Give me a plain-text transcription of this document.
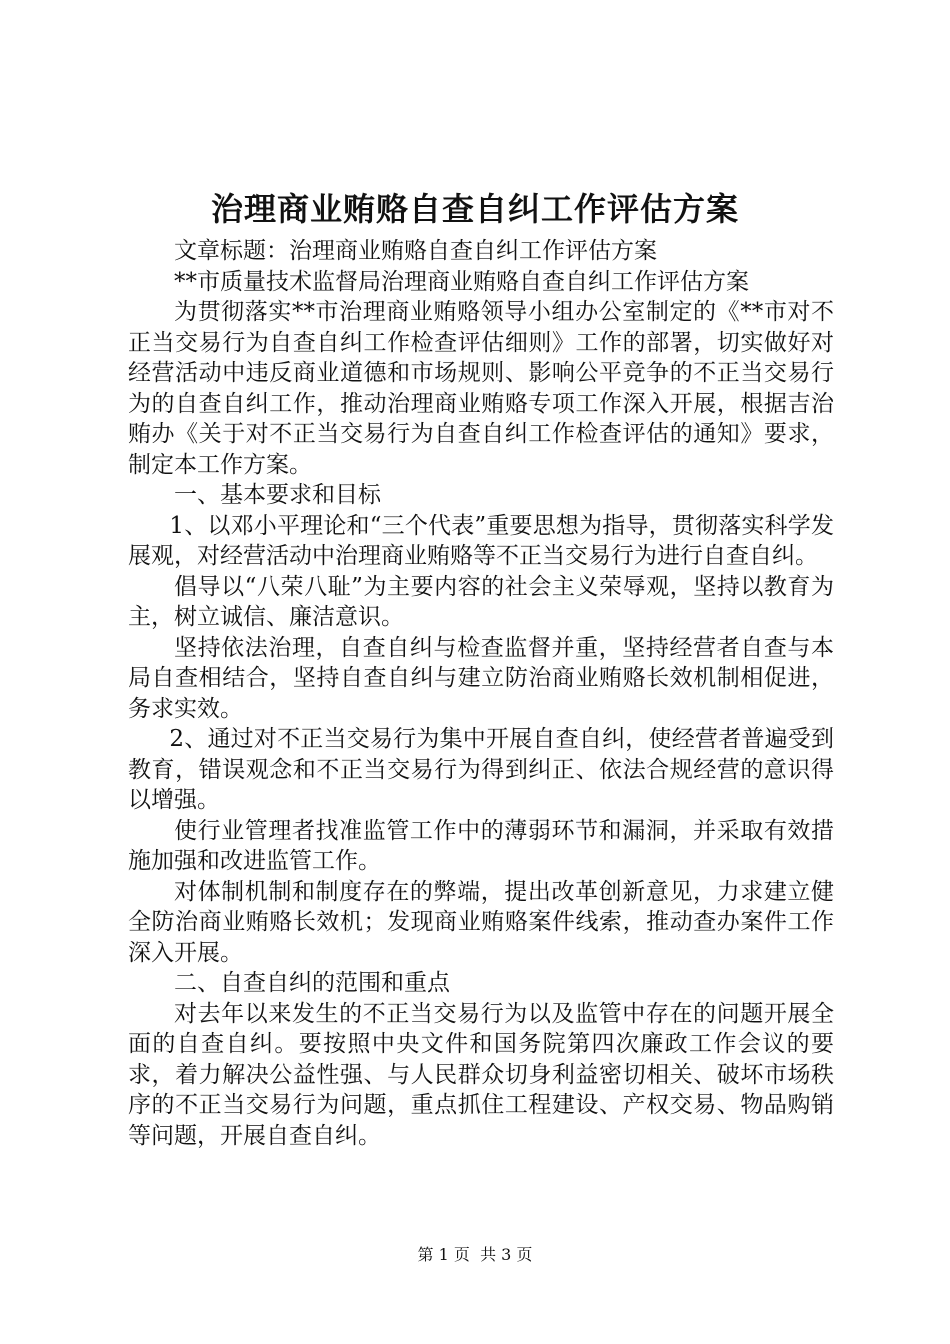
治理商业贿赂自查自纠工作评估方案

文章标题：治理商业贿赂自查自纠工作评估方案

**市质量技术监督局治理商业贿赂自查自纠工作评估方案

为贯彻落实**市治理商业贿赂领导小组办公室制定的《**市对不正当交易行为自查自纠工作检查评估细则》工作的部署，切实做好对经营活动中违反商业道德和市场规则、影响公平竞争的不正当交易行为的自查自纠工作，推动治理商业贿赂专项工作深入开展，根据吉治贿办《关于对不正当交易行为自查自纠工作检查评估的通知》要求，制定本工作方案。

一、基本要求和目标

1、以邓小平理论和“三个代表”重要思想为指导，贯彻落实科学发展观，对经营活动中治理商业贿赂等不正当交易行为进行自查自纠。

倡导以“八荣八耻”为主要内容的社会主义荣辱观，坚持以教育为主，树立诚信、廉洁意识。

坚持依法治理，自查自纠与检查监督并重，坚持经营者自查与本局自查相结合，坚持自查自纠与建立防治商业贿赂长效机制相促进，务求实效。

2、通过对不正当交易行为集中开展自查自纠，使经营者普遍受到教育，错误观念和不正当交易行为得到纠正、依法合规经营的意识得以增强。

使行业管理者找准监管工作中的薄弱环节和漏洞，并采取有效措施加强和改进监管工作。

对体制机制和制度存在的弊端，提出改革创新意见，力求建立健全防治商业贿赂长效机；发现商业贿赂案件线索，推动查办案件工作深入开展。

二、自查自纠的范围和重点

对去年以来发生的不正当交易行为以及监管中存在的问题开展全面的自查自纠。要按照中央文件和国务院第四次廉政工作会议的要求，着力解决公益性强、与人民群众切身利益密切相关、破坏市场秩序的不正当交易行为问题，重点抓住工程建设、产权交易、物品购销等问题，开展自查自纠。

第 1 页  共 3 页
